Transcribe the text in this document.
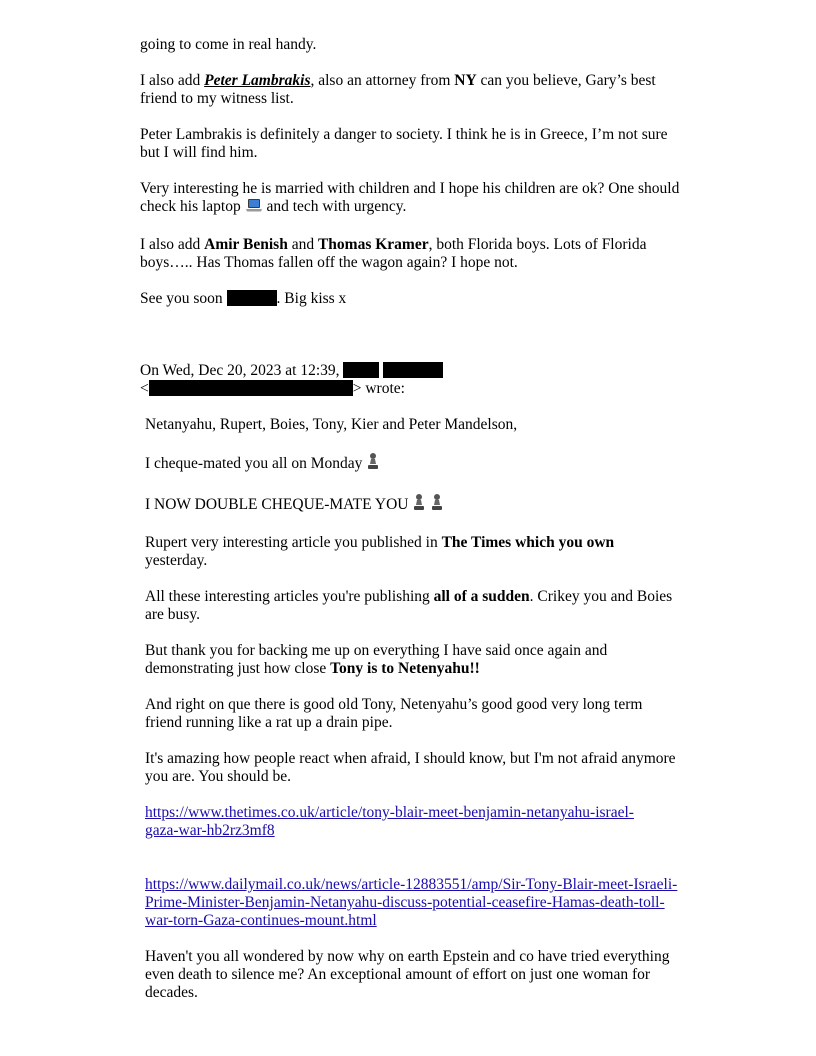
going to come in real handy.

I also add Peter Lambrakis, also an attorney from NY can you believe, Gary’s best friend to my witness list.

Peter Lambrakis is definitely a danger to society. I think he is in Greece, I’m not sure but I will find him.

Very interesting he is married with children and I hope his children are ok? One should check his laptop  and tech with urgency.

I also add Amir Benish and Thomas Kramer, both Florida boys. Lots of Florida boys….. Has Thomas fallen off the wagon again? I hope not.

See you soon	. Big kiss x

On Wed, Dec 20, 2023 at 12:39,
<	> wrote:

Netanyahu, Rupert, Boies, Tony, Kier and Peter Mandelson,

I cheque-mated you all on Monday

I NOW DOUBLE CHEQUE-MATE YOU

Rupert very interesting article you published in The Times which you own
yesterday.

All these interesting articles you're publishing all of a sudden. Crikey you and Boies are busy.

But thank you for backing me up on everything I have said once again and demonstrating just how close Tony is to Netenyahu!!

And right on que there is good old Tony, Netenyahu’s good good very long term friend running like a rat up a drain pipe.

It's amazing how people react when afraid, I should know, but I'm not afraid anymore you are. You should be.

https://www.thetimes.co.uk/article/tony-blair-meet-benjamin-netanyahu-israel-gaza-war-hb2rz3mf8

https://www.dailymail.co.uk/news/article-12883551/amp/Sir-Tony-Blair-meet-Israeli-Prime-Minister-Benjamin-Netanyahu-discuss-potential-ceasefire-Hamas-death-toll-war-torn-Gaza-continues-mount.html

Haven't you all wondered by now why on earth Epstein and co have tried everything even death to silence me? An exceptional amount of effort on just one woman for decades.
